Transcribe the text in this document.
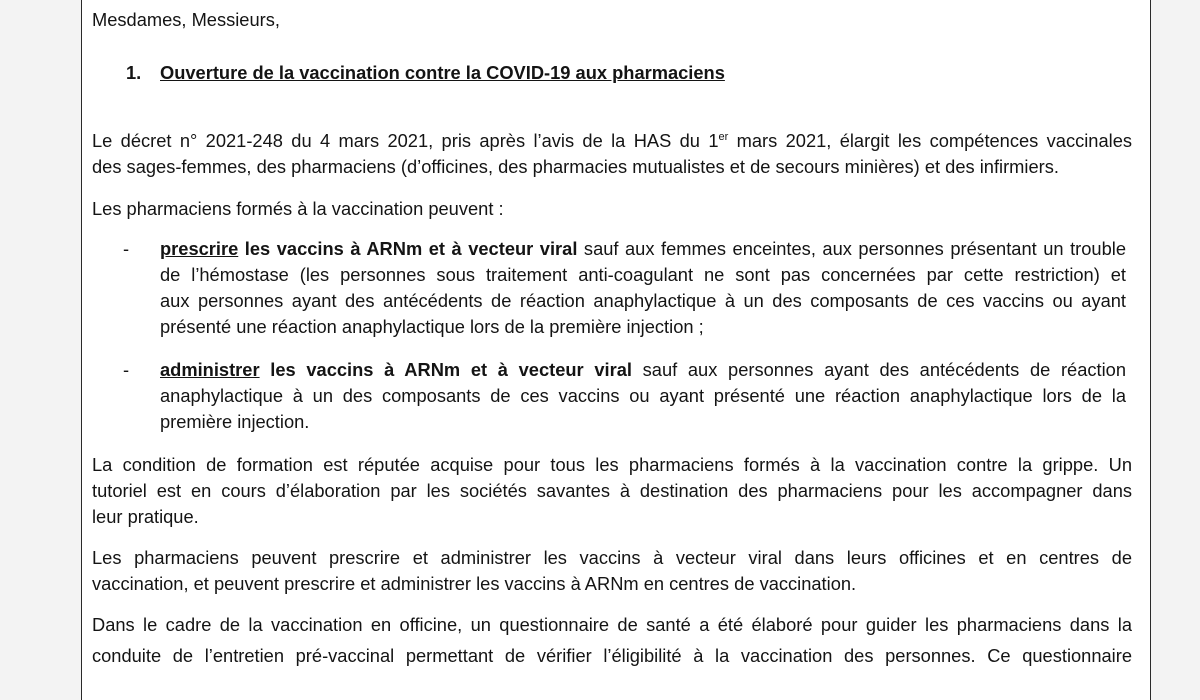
Mesdames, Messieurs,
1. Ouverture de la vaccination contre la COVID-19 aux pharmaciens
Le décret n° 2021-248 du 4 mars 2021, pris après l’avis de la HAS du 1er mars 2021, élargit les compétences vaccinales
des sages-femmes, des pharmaciens (d’officines, des pharmacies mutualistes et de secours minières) et des infirmiers.
Les pharmaciens formés à la vaccination peuvent :
- prescrire les vaccins à ARNm et à vecteur viral sauf aux femmes enceintes, aux personnes présentant un trouble
de l’hémostase (les personnes sous traitement anti-coagulant ne sont pas concernées par cette restriction) et
aux personnes ayant des antécédents de réaction anaphylactique à un des composants de ces vaccins ou ayant
présenté une réaction anaphylactique lors de la première injection ;
- administrer les vaccins à ARNm et à vecteur viral sauf aux personnes ayant des antécédents de réaction
anaphylactique à un des composants de ces vaccins ou ayant présenté une réaction anaphylactique lors de la
première injection.
La condition de formation est réputée acquise pour tous les pharmaciens formés à la vaccination contre la grippe. Un
tutoriel est en cours d’élaboration par les sociétés savantes à destination des pharmaciens pour les accompagner dans
leur pratique.
Les pharmaciens peuvent prescrire et administrer les vaccins à vecteur viral dans leurs officines et en centres de
vaccination, et peuvent prescrire et administrer les vaccins à ARNm en centres de vaccination.
Dans le cadre de la vaccination en officine, un questionnaire de santé a été élaboré pour guider les pharmaciens dans la
conduite de l’entretien pré-vaccinal permettant de vérifier l’éligibilité à la vaccination des personnes. Ce questionnaire
